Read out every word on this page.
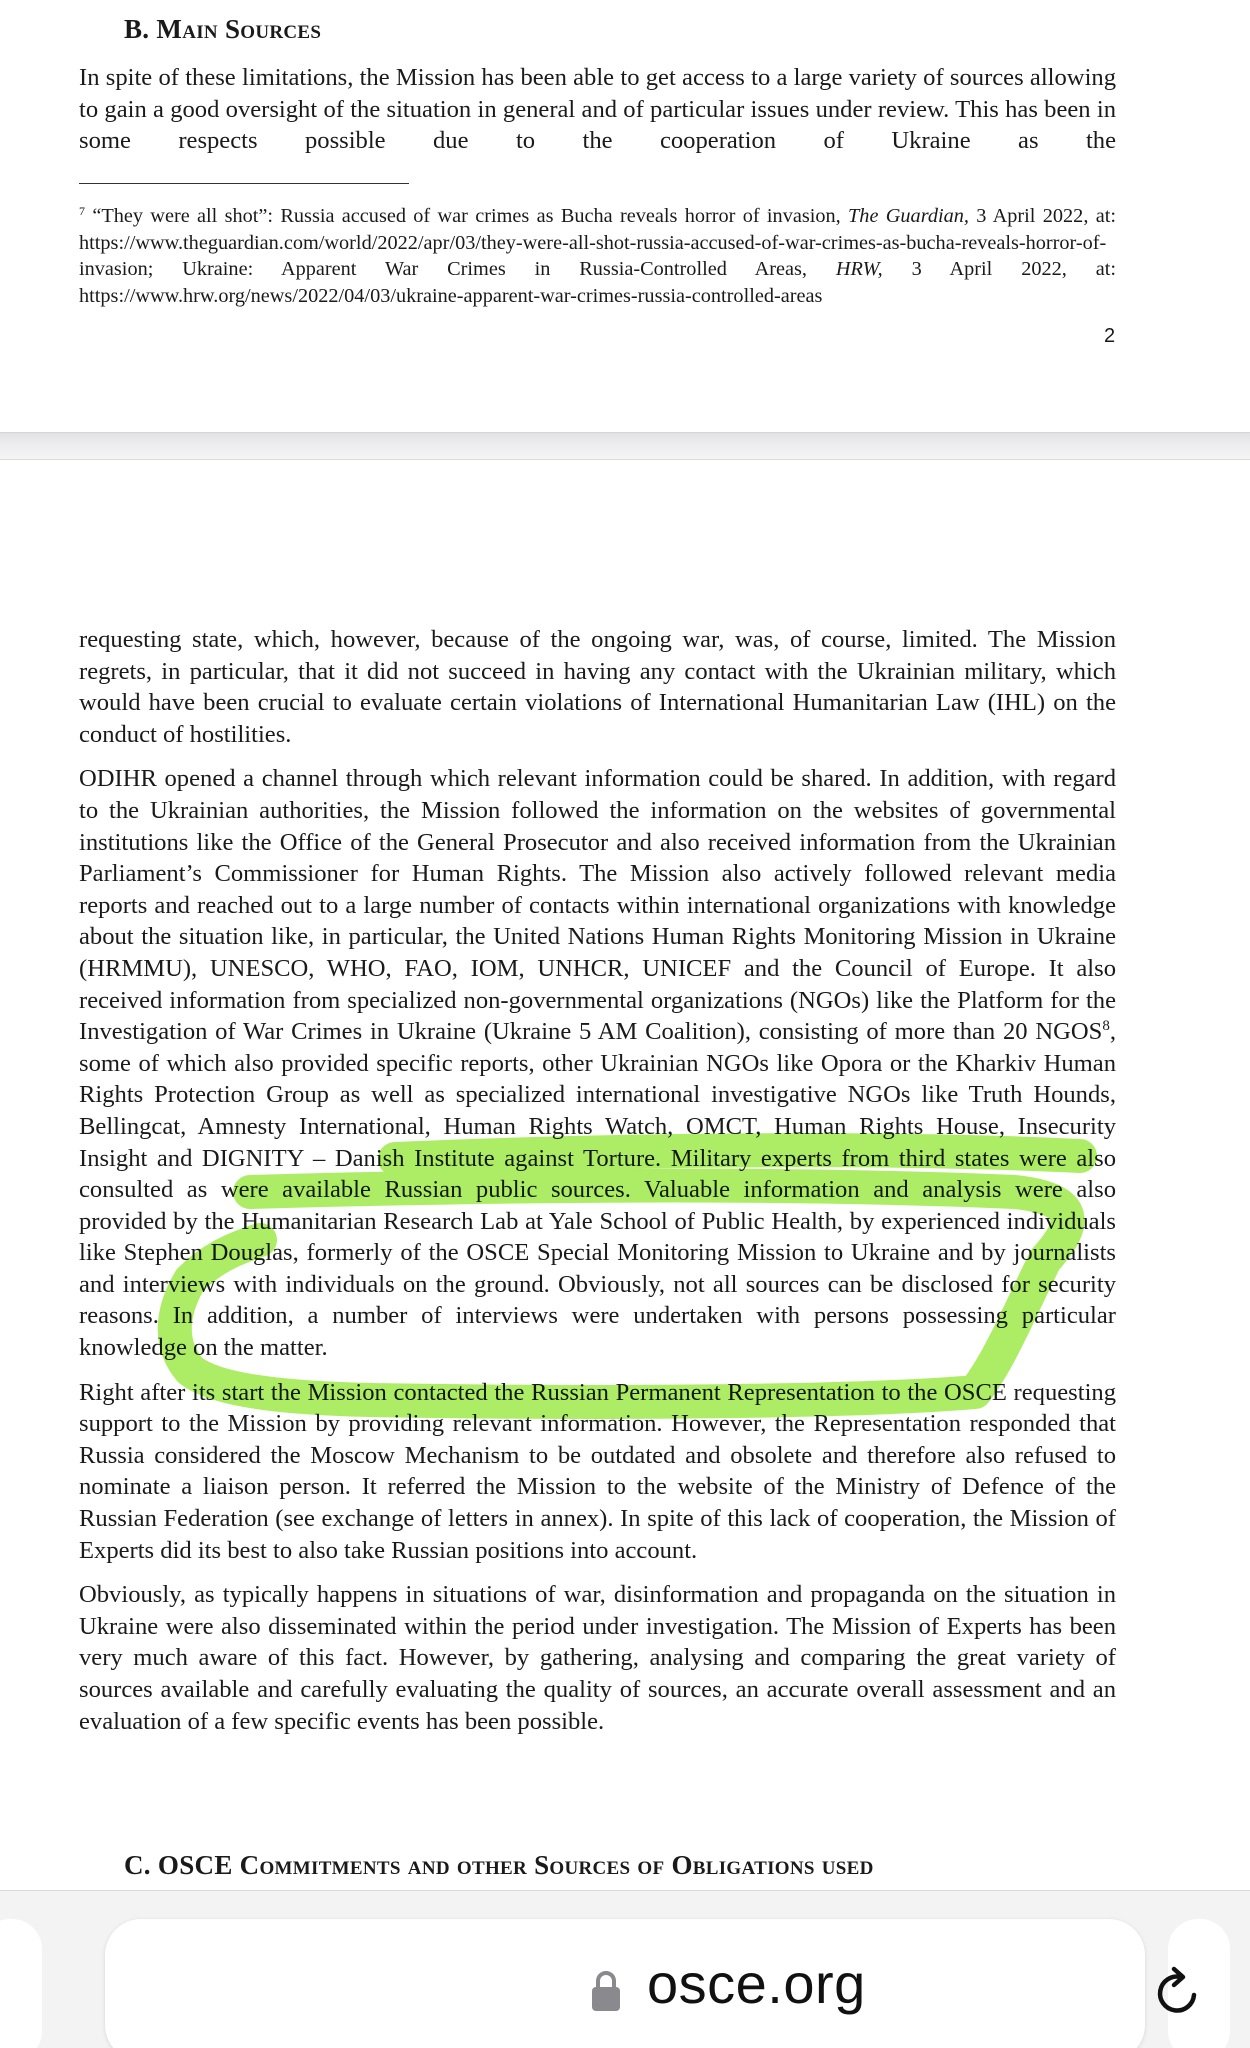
B. Main Sources

In spite of these limitations, the Mission has been able to get access to a large variety of sources allowing to gain a good oversight of the situation in general and of particular issues under review. This has been in some respects possible due to the cooperation of Ukraine as the

$^7$ “They were all shot”: Russia accused of war crimes as Bucha reveals horror of invasion, The Guardian, 3 April 2022, at: https://www.theguardian.com/world/2022/apr/03/they-were-all-shot-russia-accused-of-war-crimes-as-bucha-reveals-horror-of-invasion; Ukraine: Apparent War Crimes in Russia-Controlled Areas, HRW, 3 April 2022, at: https://www.hrw.org/news/2022/04/03/ukraine-apparent-war-crimes-russia-controlled-areas
2

requesting state, which, however, because of the ongoing war, was, of course, limited. The Mission regrets, in particular, that it did not succeed in having any contact with the Ukrainian military, which would have been crucial to evaluate certain violations of International Humanitarian Law (IHL) on the conduct of hostilities.

ODIHR opened a channel through which relevant information could be shared. In addition, with regard to the Ukrainian authorities, the Mission followed the information on the websites of governmental institutions like the Office of the General Prosecutor and also received information from the Ukrainian Parliament’s Commissioner for Human Rights. The Mission also actively followed relevant media reports and reached out to a large number of contacts within international organizations with knowledge about the situation like, in particular, the United Nations Human Rights Monitoring Mission in Ukraine (HRMMU), UNESCO, WHO, FAO, IOM, UNHCR, UNICEF and the Council of Europe. It also received information from specialized non-governmental organizations (NGOs) like the Platform for the Investigation of War Crimes in Ukraine (Ukraine 5 AM Coalition), consisting of more than 20 NGOS$^8$, some of which also provided specific reports, other Ukrainian NGOs like Opora or the Kharkiv Human Rights Protection Group as well as specialized international investigative NGOs like Truth Hounds, Bellingcat, Amnesty International, Human Rights Watch, OMCT, Human Rights House, Insecurity Insight and DIGNITY – Danish Institute against Torture. Military experts from third states were also consulted as were available Russian public sources. Valuable information and analysis were also provided by the Humanitarian Research Lab at Yale School of Public Health, by experienced individuals like Stephen Douglas, formerly of the OSCE Special Monitoring Mission to Ukraine and by journalists and interviews with individuals on the ground. Obviously, not all sources can be disclosed for security reasons. In addition, a number of interviews were undertaken with persons possessing particular knowledge on the matter.

Right after its start the Mission contacted the Russian Permanent Representation to the OSCE requesting support to the Mission by providing relevant information. However, the Representation responded that Russia considered the Moscow Mechanism to be outdated and obsolete and therefore also refused to nominate a liaison person. It referred the Mission to the website of the Ministry of Defence of the Russian Federation (see exchange of letters in annex). In spite of this lack of cooperation, the Mission of Experts did its best to also take Russian positions into account.

Obviously, as typically happens in situations of war, disinformation and propaganda on the situation in Ukraine were also disseminated within the period under investigation. The Mission of Experts has been very much aware of this fact. However, by gathering, analysing and comparing the great variety of sources available and carefully evaluating the quality of sources, an accurate overall assessment and an evaluation of a few specific events has been possible.

C. OSCE Commitments and other Sources of Obligations used
osce.org
